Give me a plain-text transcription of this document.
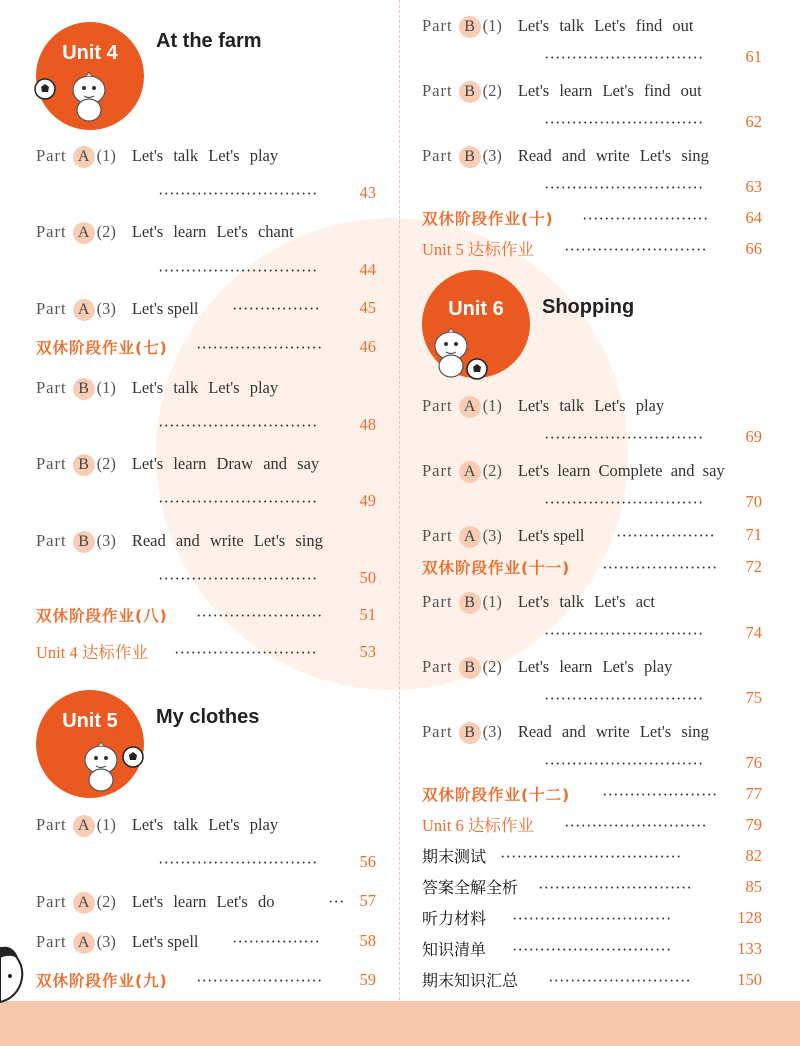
Unit 4
At the farm
Part A (1) Let's talk Let's play
·····························	43
Part A (2) Let's learn Let's chant
·····························	44
Part A (3) Let's spell ················	45
双休阶段作业(七) ·······················	46
Part B (1) Let's talk Let's play
·····························	48
Part B (2) Let's learn Draw and say
·····························	49
Part B (3) Read and write Let's sing
·····························	50
双休阶段作业(八) ·······················	51
Unit 4 达标作业 ··························	53
Unit 5	My clothes
Part A (1) Let's talk Let's play
·····························	56
Part A (2) Let's learn Let's do	··· 57
Part A (3) Let's spell ················	58
双休阶段作业(九) ·······················	59
Part B (1) Let's talk Let's find out
·····························	61
Part B (2) Let's learn Let's find out
·····························	62
Part B (3) Read and write Let's sing
·····························	63
双休阶段作业(十) ·······················	64
Unit 5 达标作业 ··························	66
Unit 6	Shopping
Part A (1) Let's talk Let's play
·····························	69
Part A (2) Let's learn Complete and say
·····························	70
Part A (3) Let's spell ··················	71
双休阶段作业(十一) ·····················	72
Part B (1) Let's talk Let's act
·····························	74
Part B (2) Let's learn Let's play
·····························	75
Part B (3) Read and write Let's sing
·····························	76
双休阶段作业(十二) ·····················	77
Unit 6 达标作业 ··························	79
期末测试 ·································	82
答案全解全析 ····························	85
听力材料 ·····························	128
知识清单 ·····························	133
期末知识汇总 ··························	150
